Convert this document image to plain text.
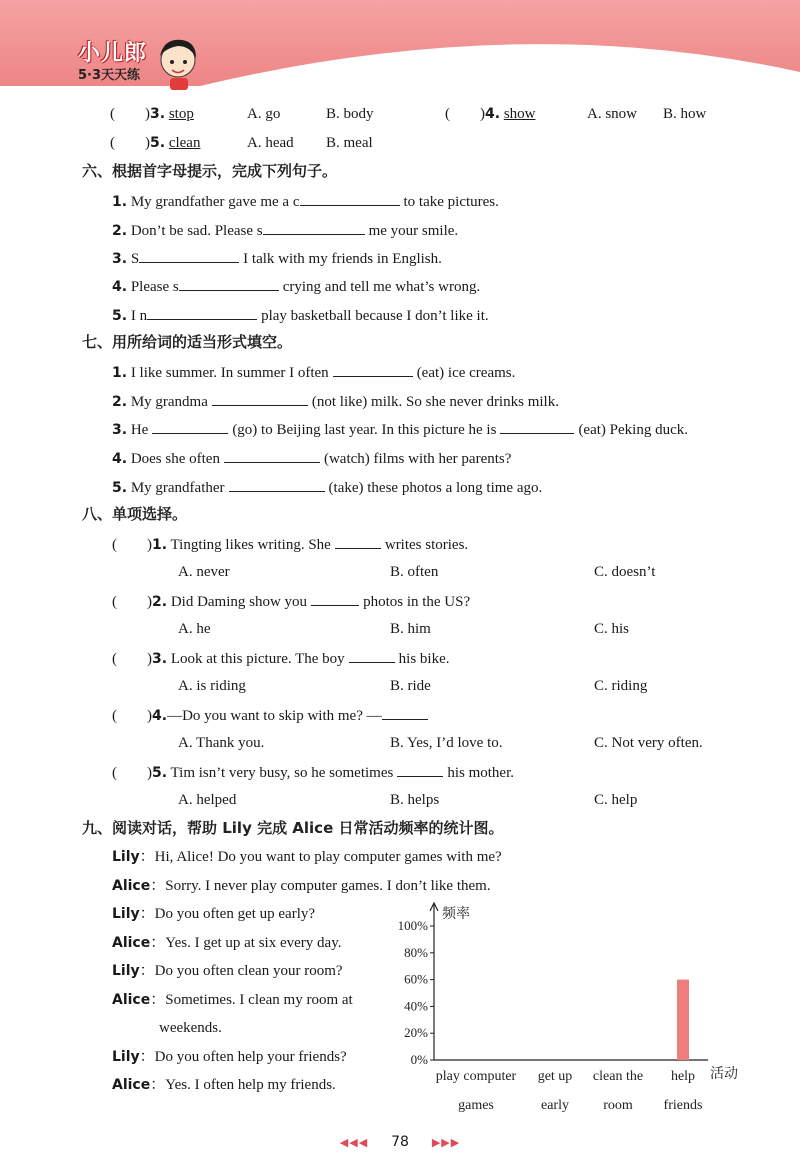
小儿郎
5·3天天练
( )3. stop	A. go	B. body	( )4. show	A. snow B. how
( )5. clean	A. head B. meal
六、根据首字母提示，完成下列句子。
1. My grandfather gave me a c	to take pictures.
2. Don’t be sad. Please s	me your smile.
3. S	I talk with my friends in English.
4. Please s	crying and tell me what’s wrong.
5. I n	play basketball because I don’t like it.
七、用所给词的适当形式填空。
1. I like summer. In summer I often	(eat) ice creams.
2. My grandma	(not like) milk. So she never drinks milk.
3. He	(go) to Beijing last year. In this picture he is	(eat) Peking duck.
4. Does she often	(watch) films with her parents?
5. My grandfather	(take) these photos a long time ago.
八、单项选择。
( )1. Tingting likes writing. She	writes stories.
A. never	B. often	C. doesn’t
( )2. Did Daming show you	photos in the US?
A. he	B. him	C. his
( )3. Look at this picture. The boy	his bike.
A. is riding	B. ride	C. riding
( )4.—Do you want to skip with me? —
A. Thank you.	B. Yes, I’d love to.	C. Not very often.
( )5. Tim isn’t very busy, so he sometimes	his mother.
A. helped	B. helps	C. help
九、阅读对话，帮助 Lily 完成 Alice 日常活动频率的统计图。
Lily：Hi, Alice! Do you want to play computer games with me?
Alice：Sorry. I never play computer games. I don’t like them.
Lily：Do you often get up early?
Alice：Yes. I get up at six every day.
Lily：Do you often clean your room?
Alice：Sometimes. I clean my room at
weekends.
Lily：Do you often help your friends?
Alice：Yes. I often help my friends.
频率
活动
0%
20%
40%
60%
80%
100%
play computer
games
get up
early
clean the
room
help
friends
◀◀◀ 78 ▶▶▶
